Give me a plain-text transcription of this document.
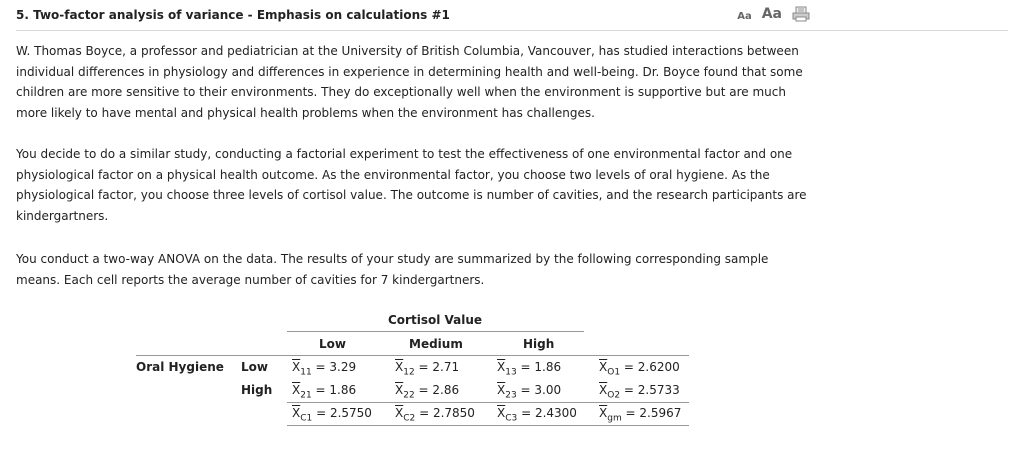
5. Two-factor analysis of variance - Emphasis on calculations #1	Aa Aa
W. Thomas Boyce, a professor and pediatrician at the University of British Columbia, Vancouver, has studied interactions between individual differences in physiology and differences in experience in determining health and well-being. Dr. Boyce found that some children are more sensitive to their environments. They do exceptionally well when the environment is supportive but are much more likely to have mental and physical health problems when the environment has challenges.
You decide to do a similar study, conducting a factorial experiment to test the effectiveness of one environmental factor and one physiological factor on a physical health outcome. As the environmental factor, you choose two levels of oral hygiene. As the physiological factor, you choose three levels of cortisol value. The outcome is number of cavities, and the research participants are kindergartners.
You conduct a two-way ANOVA on the data. The results of your study are summarized by the following corresponding sample means. Each cell reports the average number of cavities for 7 kindergartners.
Cortisol Value
Low	Medium	High
Oral Hygiene Low $\overline{X}_{11} = 3.29$	$\overline{X}_{12} = 2.71$	$\overline{X}_{13} = 1.86$	$\overline{X}_{O1} = 2.6200$
High $\overline{X}_{21} = 1.86$	$\overline{X}_{22} = 2.86$	$\overline{X}_{23} = 3.00$	$\overline{X}_{O2} = 2.5733$
$\overline{X}_{C1} = 2.5750$ $\overline{X}_{C2} = 2.7850$ $\overline{X}_{C3} = 2.4300$ $\overline{X}_{gm} = 2.5967$
